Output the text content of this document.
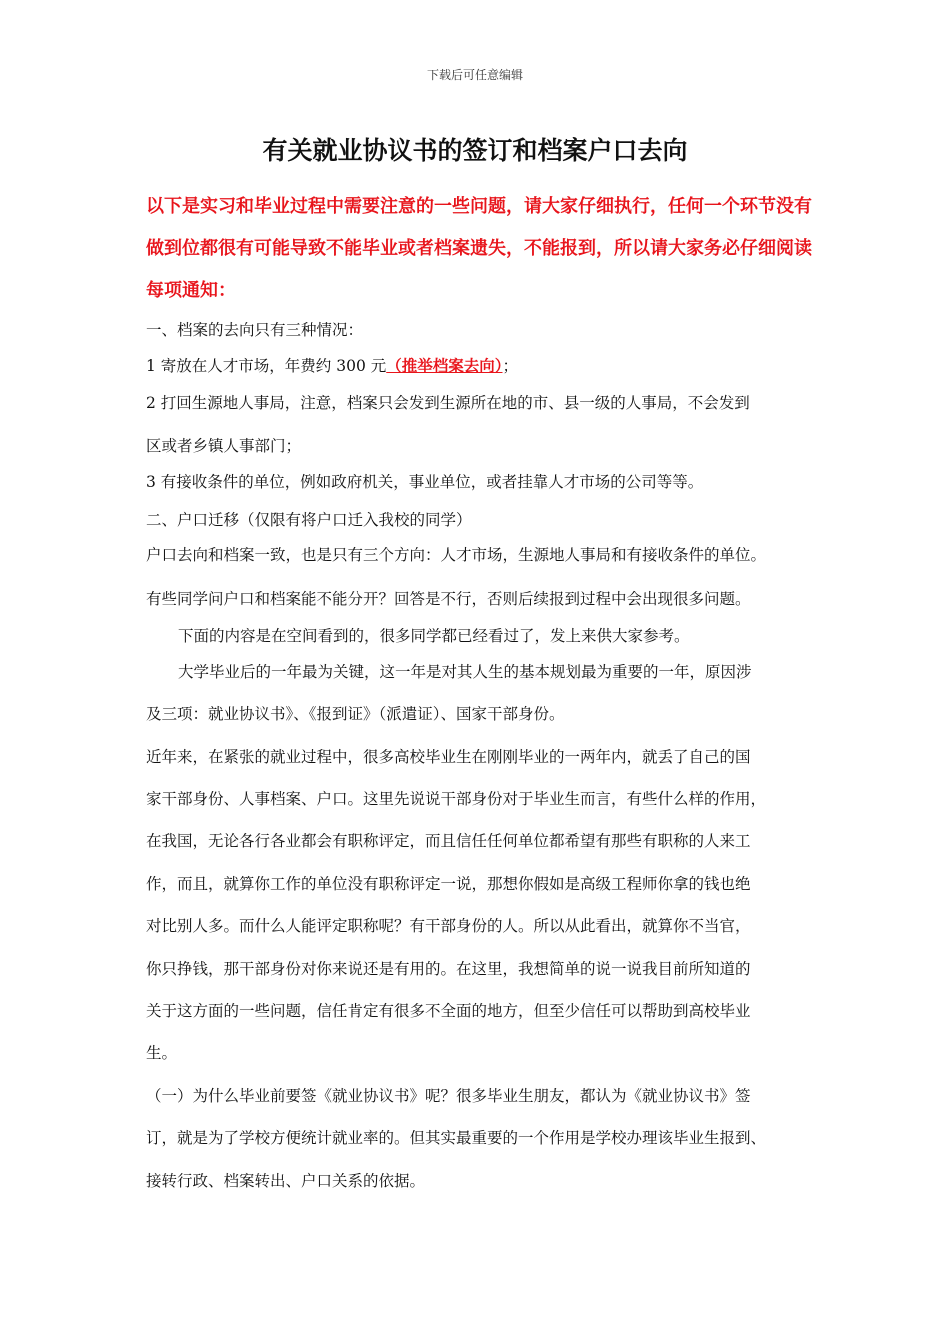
下载后可任意编辑
有关就业协议书的签订和档案户口去向
以下是实习和毕业过程中需要注意的一些问题，请大家仔细执行，任何一个环节没有做到位都很有可能导致不能毕业或者档案遗失，不能报到，所以请大家务必仔细阅读每项通知：
一、档案的去向只有三种情况：
1 寄放在人才市场，年费约 300 元（推举档案去向）；
2 打回生源地人事局，注意，档案只会发到生源所在地的市、县一级的人事局，不会发到
区或者乡镇人事部门；
3 有接收条件的单位，例如政府机关，事业单位，或者挂靠人才市场的公司等等。
二、户口迁移（仅限有将户口迁入我校的同学）
户口去向和档案一致，也是只有三个方向：人才市场，生源地人事局和有接收条件的单位。
有些同学问户口和档案能不能分开？回答是不行，否则后续报到过程中会出现很多问题。
下面的内容是在空间看到的，很多同学都已经看过了，发上来供大家参考。
大学毕业后的一年最为关键，这一年是对其人生的基本规划最为重要的一年，原因涉
及三项：就业协议书》、《报到证》（派遣证）、国家干部身份。
近年来，在紧张的就业过程中，很多高校毕业生在刚刚毕业的一两年内，就丢了自己的国
家干部身份、人事档案、户口。这里先说说干部身份对于毕业生而言，有些什么样的作用，
在我国，无论各行各业都会有职称评定，而且信任任何单位都希望有那些有职称的人来工
作，而且，就算你工作的单位没有职称评定一说，那想你假如是高级工程师你拿的钱也绝
对比别人多。而什么人能评定职称呢？有干部身份的人。所以从此看出，就算你不当官，
你只挣钱，那干部身份对你来说还是有用的。在这里，我想简单的说一说我目前所知道的
关于这方面的一些问题，信任肯定有很多不全面的地方，但至少信任可以帮助到高校毕业
生。
（一）为什么毕业前要签《就业协议书》呢？很多毕业生朋友，都认为《就业协议书》签
订，就是为了学校方便统计就业率的。但其实最重要的一个作用是学校办理该毕业生报到、
接转行政、档案转出、户口关系的依据。
